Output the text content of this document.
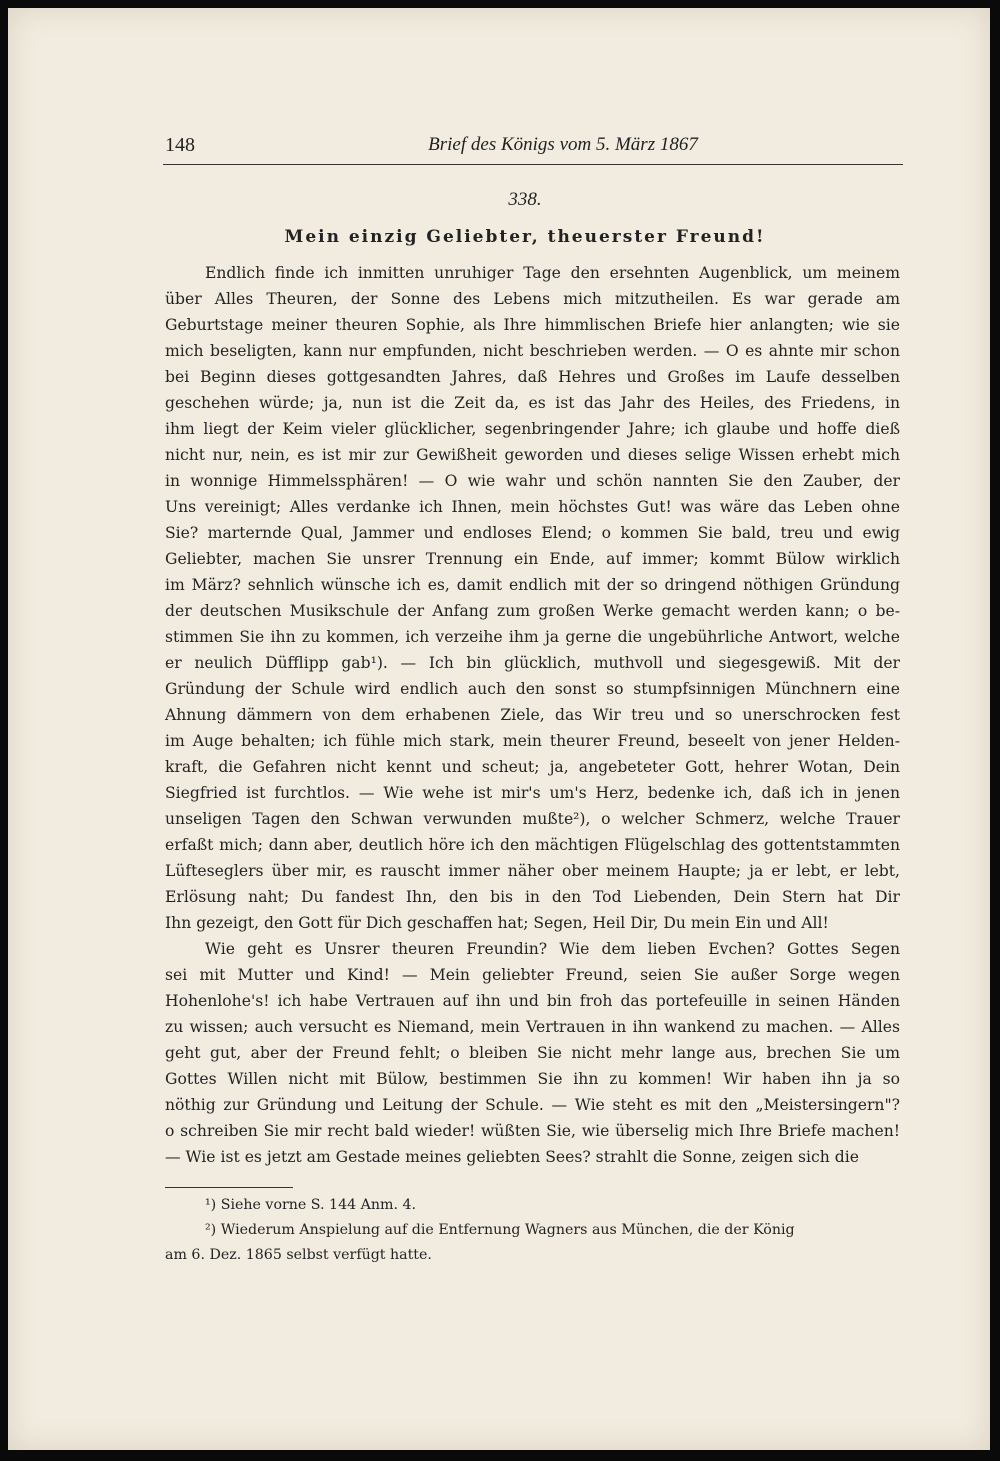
148	Brief des Königs vom 5. März 1867
338.
Mein einzig Geliebter, theuerster Freund!
Endlich finde ich inmitten unruhiger Tage den ersehnten Augenblick, um meinem
über Alles Theuren, der Sonne des Lebens mich mitzutheilen. Es war gerade am
Geburtstage meiner theuren Sophie, als Ihre himmlischen Briefe hier anlangten; wie sie
mich beseligten, kann nur empfunden, nicht beschrieben werden. — O es ahnte mir schon
bei Beginn dieses gottgesandten Jahres, daß Hehres und Großes im Laufe desselben
geschehen würde; ja, nun ist die Zeit da, es ist das Jahr des Heiles, des Friedens, in
ihm liegt der Keim vieler glücklicher, segenbringender Jahre; ich glaube und hoffe dieß
nicht nur, nein, es ist mir zur Gewißheit geworden und dieses selige Wissen erhebt mich
in wonnige Himmelssphären! — O wie wahr und schön nannten Sie den Zauber, der
Uns vereinigt; Alles verdanke ich Ihnen, mein höchstes Gut! was wäre das Leben ohne
Sie? marternde Qual, Jammer und endloses Elend; o kommen Sie bald, treu und ewig
Geliebter, machen Sie unsrer Trennung ein Ende, auf immer; kommt Bülow wirklich
im März? sehnlich wünsche ich es, damit endlich mit der so dringend nöthigen Gründung
der deutschen Musikschule der Anfang zum großen Werke gemacht werden kann; o be-
stimmen Sie ihn zu kommen, ich verzeihe ihm ja gerne die ungebührliche Antwort, welche
er neulich Düfflipp gab¹). — Ich bin glücklich, muthvoll und siegesgewiß. Mit der
Gründung der Schule wird endlich auch den sonst so stumpfsinnigen Münchnern eine
Ahnung dämmern von dem erhabenen Ziele, das Wir treu und so unerschrocken fest
im Auge behalten; ich fühle mich stark, mein theurer Freund, beseelt von jener Helden-
kraft, die Gefahren nicht kennt und scheut; ja, angebeteter Gott, hehrer Wotan, Dein
Siegfried ist furchtlos. — Wie wehe ist mir's um's Herz, bedenke ich, daß ich in jenen
unseligen Tagen den Schwan verwunden mußte²), o welcher Schmerz, welche Trauer
erfaßt mich; dann aber, deutlich höre ich den mächtigen Flügelschlag des gottentstammten
Lüfteseglers über mir, es rauscht immer näher ober meinem Haupte; ja er lebt, er lebt,
Erlösung naht; Du fandest Ihn, den bis in den Tod Liebenden, Dein Stern hat Dir
Ihn gezeigt, den Gott für Dich geschaffen hat; Segen, Heil Dir, Du mein Ein und All!
Wie geht es Unsrer theuren Freundin? Wie dem lieben Evchen? Gottes Segen
sei mit Mutter und Kind! — Mein geliebter Freund, seien Sie außer Sorge wegen
Hohenlohe's! ich habe Vertrauen auf ihn und bin froh das portefeuille in seinen Händen
zu wissen; auch versucht es Niemand, mein Vertrauen in ihn wankend zu machen. — Alles
geht gut, aber der Freund fehlt; o bleiben Sie nicht mehr lange aus, brechen Sie um
Gottes Willen nicht mit Bülow, bestimmen Sie ihn zu kommen! Wir haben ihn ja so
nöthig zur Gründung und Leitung der Schule. — Wie steht es mit den „Meistersingern"?
o schreiben Sie mir recht bald wieder! wüßten Sie, wie überselig mich Ihre Briefe machen!
— Wie ist es jetzt am Gestade meines geliebten Sees? strahlt die Sonne, zeigen sich die
¹) Siehe vorne S. 144 Anm. 4.
²) Wiederum Anspielung auf die Entfernung Wagners aus München, die der König
am 6. Dez. 1865 selbst verfügt hatte.
